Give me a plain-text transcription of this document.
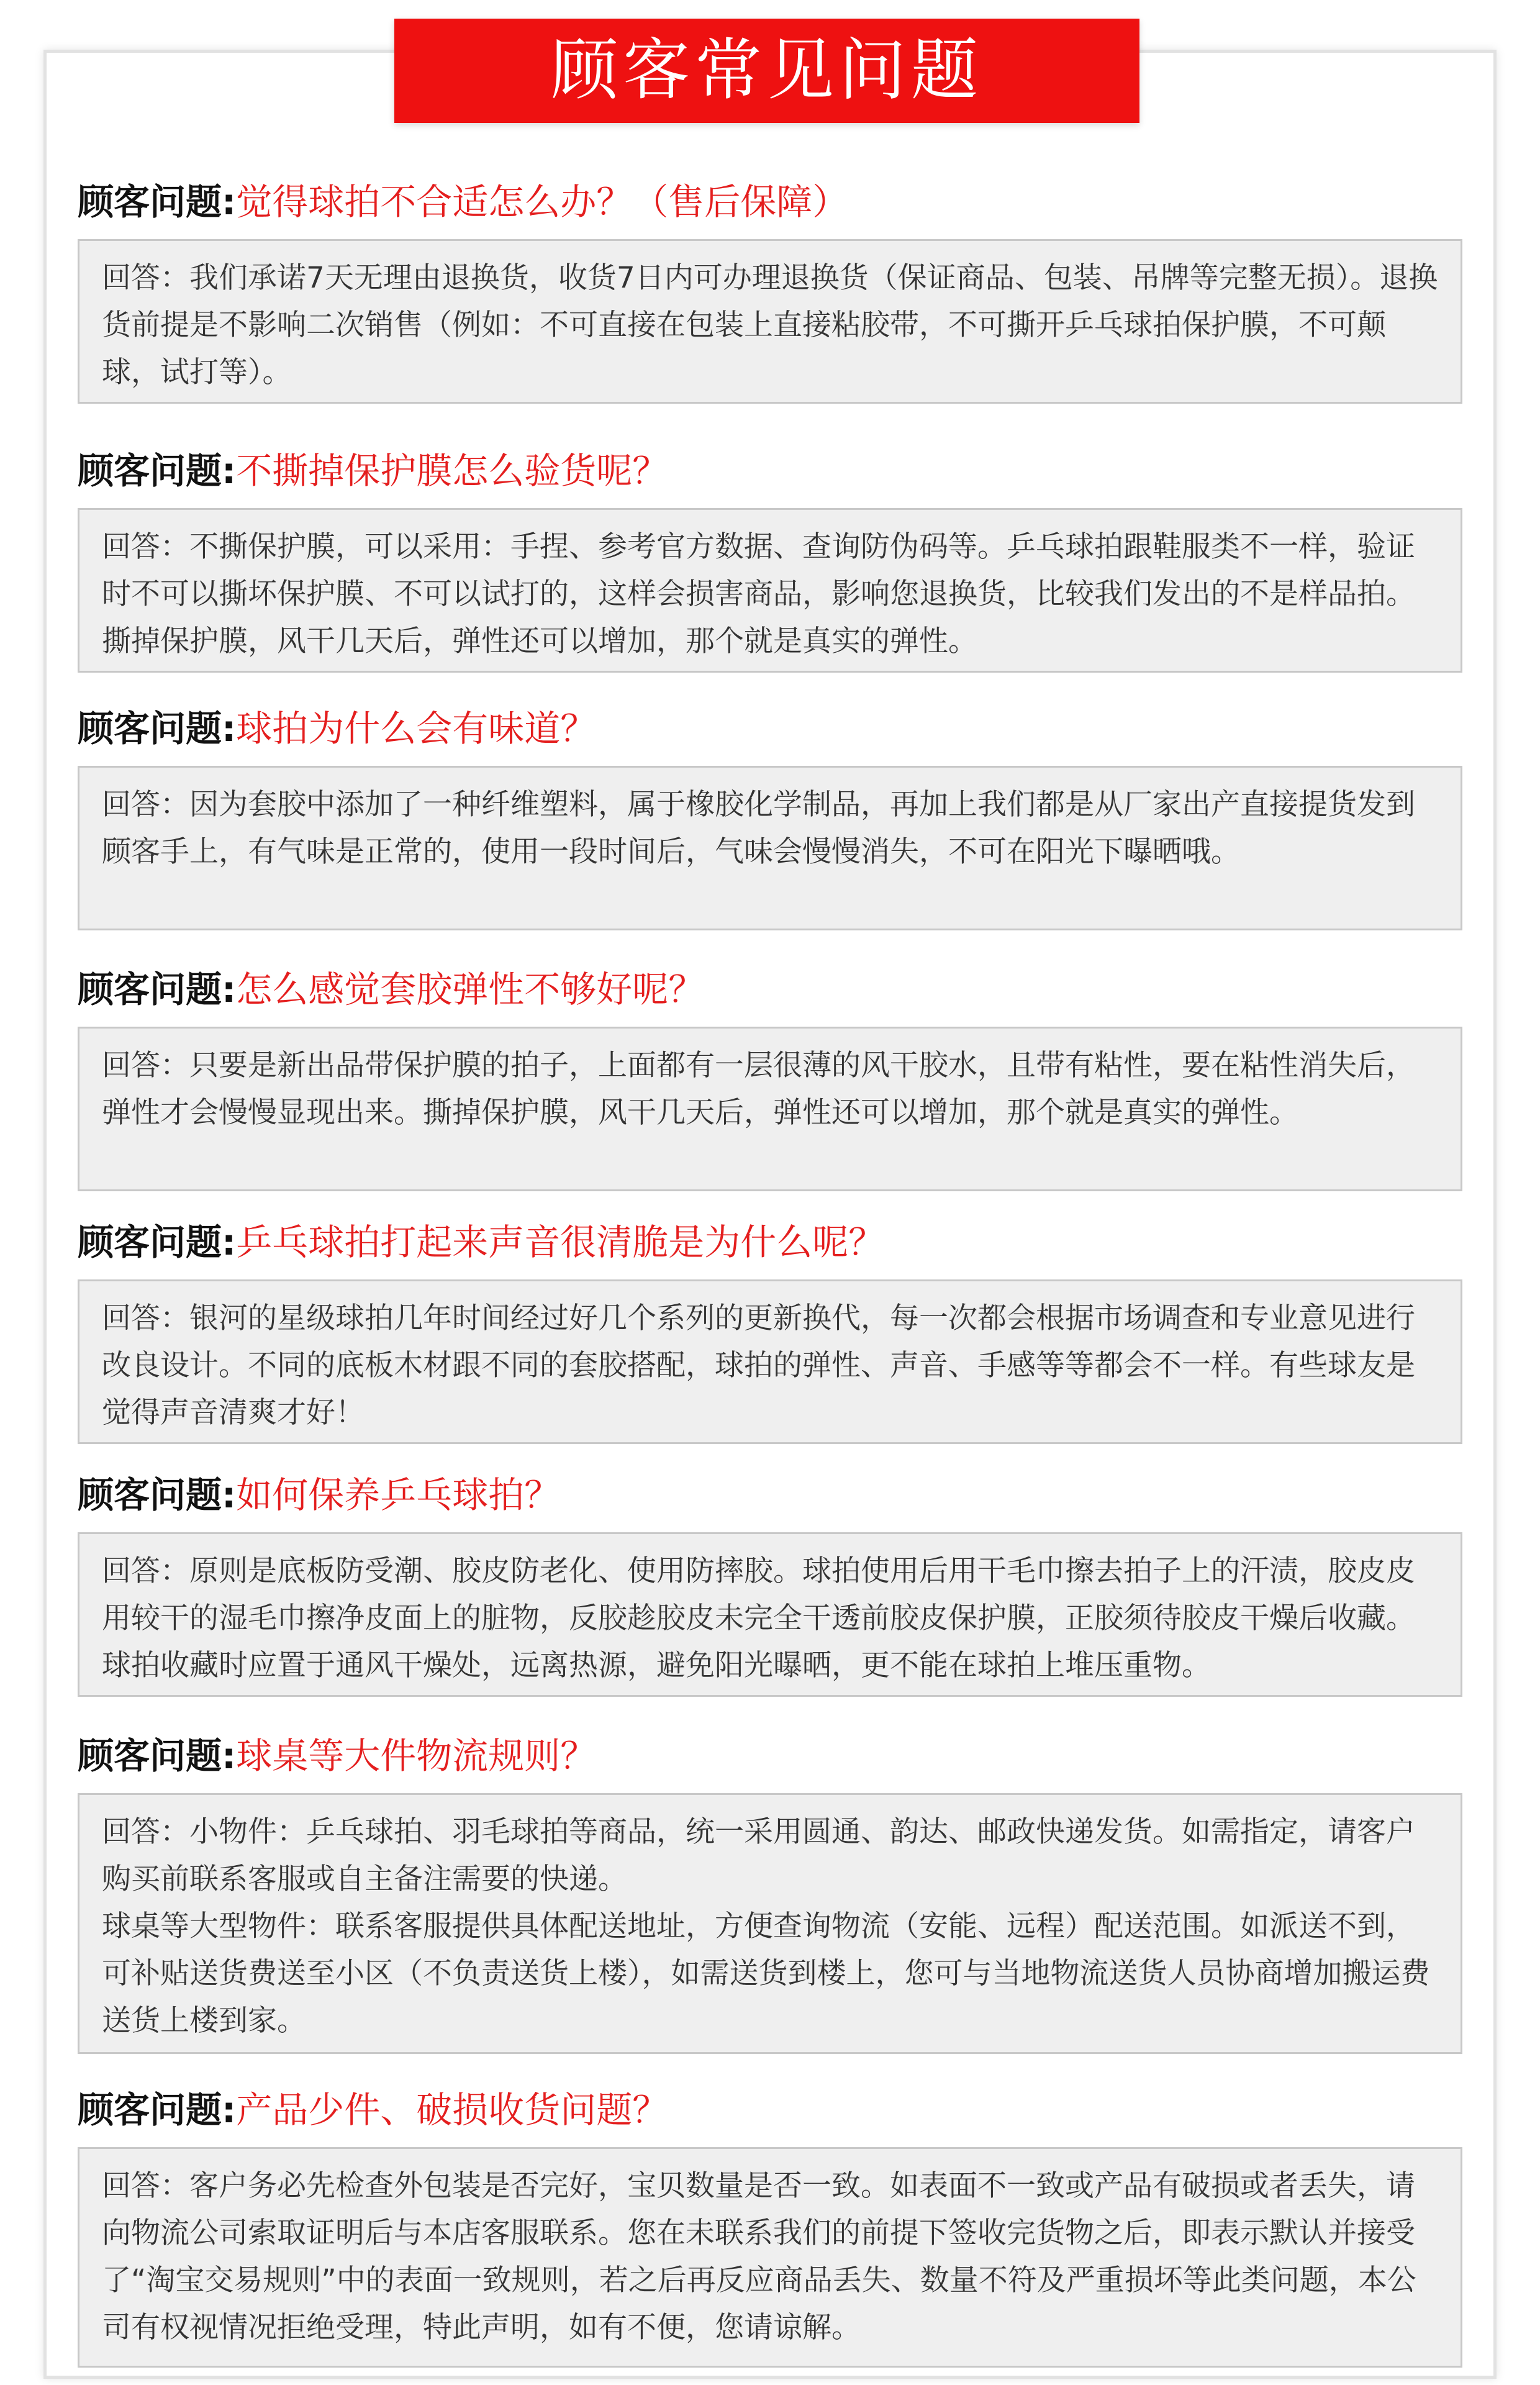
顾客常见问题
顾客问题:觉得球拍不合适怎么办？（售后保障）

回答：我们承诺7天无理由退换货，收货7日内可办理退换货（保证商品、包装、吊牌等完整无损）。退换货前提是不影响二次销售（例如：不可直接在包装上直接粘胶带，不可撕开乒乓球拍保护膜，不可颠球，试打等）。

顾客问题:不撕掉保护膜怎么验货呢？

回答：不撕保护膜，可以采用：手捏、参考官方数据、查询防伪码等。乒乓球拍跟鞋服类不一样，验证时不可以撕坏保护膜、不可以试打的，这样会损害商品，影响您退换货，比较我们发出的不是样品拍。撕掉保护膜，风干几天后，弹性还可以增加，那个就是真实的弹性。

顾客问题:球拍为什么会有味道？

回答：因为套胶中添加了一种纤维塑料，属于橡胶化学制品，再加上我们都是从厂家出产直接提货发到顾客手上，有气味是正常的，使用一段时间后，气味会慢慢消失，不可在阳光下曝晒哦。

顾客问题:怎么感觉套胶弹性不够好呢？

回答：只要是新出品带保护膜的拍子，上面都有一层很薄的风干胶水，且带有粘性，要在粘性消失后，弹性才会慢慢显现出来。撕掉保护膜，风干几天后，弹性还可以增加，那个就是真实的弹性。

顾客问题:乒乓球拍打起来声音很清脆是为什么呢？

回答：银河的星级球拍几年时间经过好几个系列的更新换代，每一次都会根据市场调查和专业意见进行改良设计。不同的底板木材跟不同的套胶搭配，球拍的弹性、声音、手感等等都会不一样。有些球友是觉得声音清爽才好！

顾客问题:如何保养乒乓球拍？

回答：原则是底板防受潮、胶皮防老化、使用防摔胶。球拍使用后用干毛巾擦去拍子上的汗渍，胶皮皮用较干的湿毛巾擦净皮面上的脏物，反胶趁胶皮未完全干透前胶皮保护膜，正胶须待胶皮干燥后收藏。球拍收藏时应置于通风干燥处，远离热源，避免阳光曝晒，更不能在球拍上堆压重物。

顾客问题:球桌等大件物流规则？

回答：小物件：乒乓球拍、羽毛球拍等商品，统一采用圆通、韵达、邮政快递发货。如需指定，请客户购买前联系客服或自主备注需要的快递。

球桌等大型物件：联系客服提供具体配送地址，方便查询物流（安能、远程）配送范围。如派送不到，可补贴送货费送至小区（不负责送货上楼），如需送货到楼上，您可与当地物流送货人员协商增加搬运费送货上楼到家。

顾客问题:产品少件、破损收货问题？

回答：客户务必先检查外包装是否完好，宝贝数量是否一致。如表面不一致或产品有破损或者丢失，请向物流公司索取证明后与本店客服联系。您在未联系我们的前提下签收完货物之后，即表示默认并接受了“淘宝交易规则”中的表面一致规则，若之后再反应商品丢失、数量不符及严重损坏等此类问题，本公司有权视情况拒绝受理，特此声明，如有不便，您请谅解。
